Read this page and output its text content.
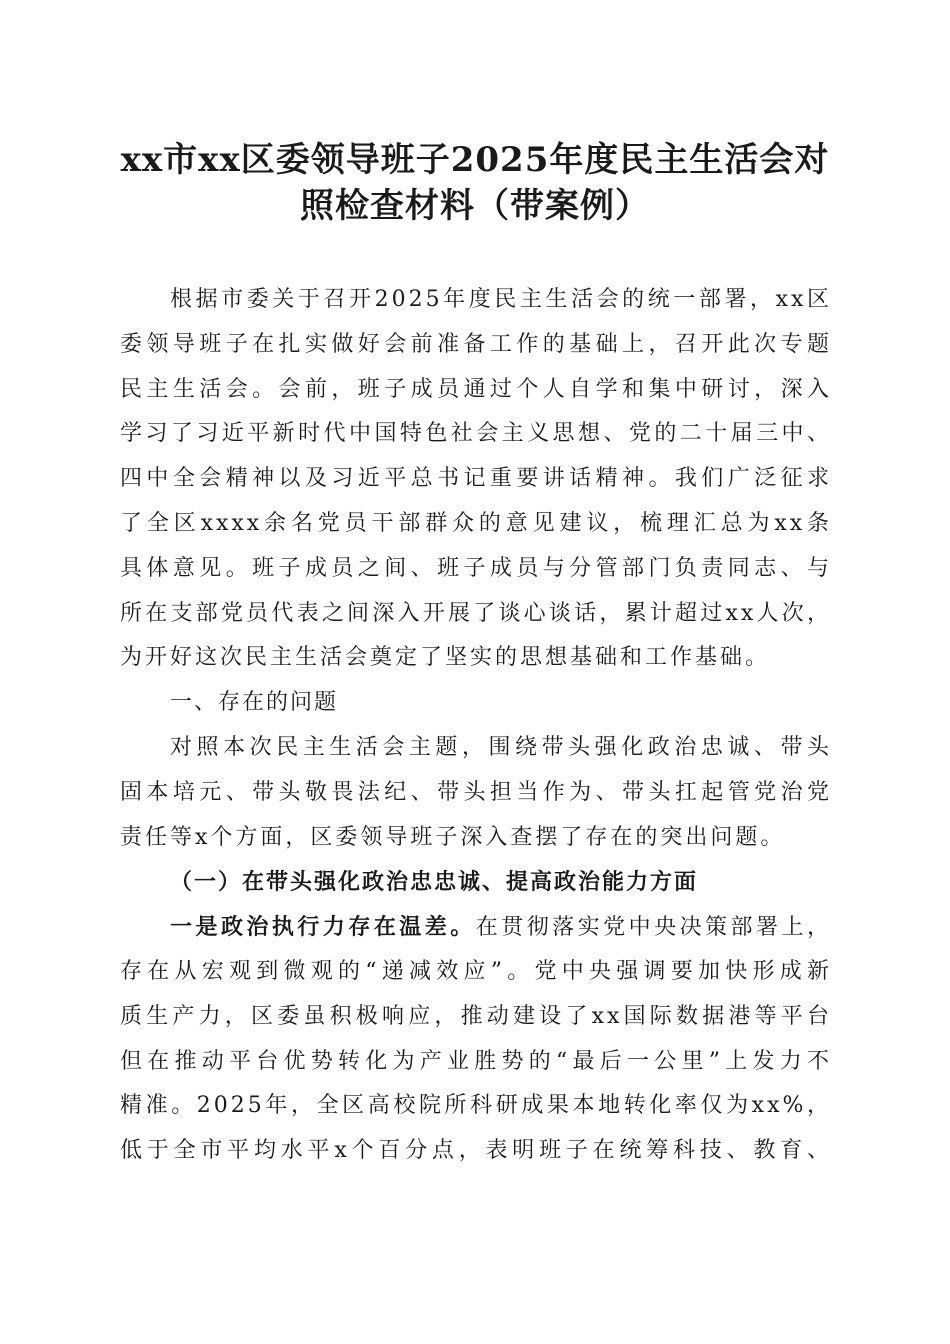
xx市xx区委领导班子2025年度民主生活会对
照检查材料（带案例）
根据市委关于召开2025年度民主生活会的统一部署，xx区
委领导班子在扎实做好会前准备工作的基础上，召开此次专题
民主生活会。会前，班子成员通过个人自学和集中研讨，深入
学习了习近平新时代中国特色社会主义思想、党的二十届三中、
四中全会精神以及习近平总书记重要讲话精神。我们广泛征求
了全区xxxx余名党员干部群众的意见建议，梳理汇总为xx条
具体意见。班子成员之间、班子成员与分管部门负责同志、与
所在支部党员代表之间深入开展了谈心谈话，累计超过xx人次，
为开好这次民主生活会奠定了坚实的思想基础和工作基础。
一、存在的问题
对照本次民主生活会主题，围绕带头强化政治忠诚、带头
固本培元、带头敬畏法纪、带头担当作为、带头扛起管党治党
责任等x个方面，区委领导班子深入查摆了存在的突出问题。
（一）在带头强化政治忠忠诚、提高政治能力方面
一是政治执行力存在温差。在贯彻落实党中央决策部署上，
存在从宏观到微观的“递减效应”。党中央强调要加快形成新
质生产力，区委虽积极响应，推动建设了xx国际数据港等平台
但在推动平台优势转化为产业胜势的“最后一公里”上发力不
精准。2025年，全区高校院所科研成果本地转化率仅为xx%，
低于全市平均水平x个百分点，表明班子在统筹科技、教育、
